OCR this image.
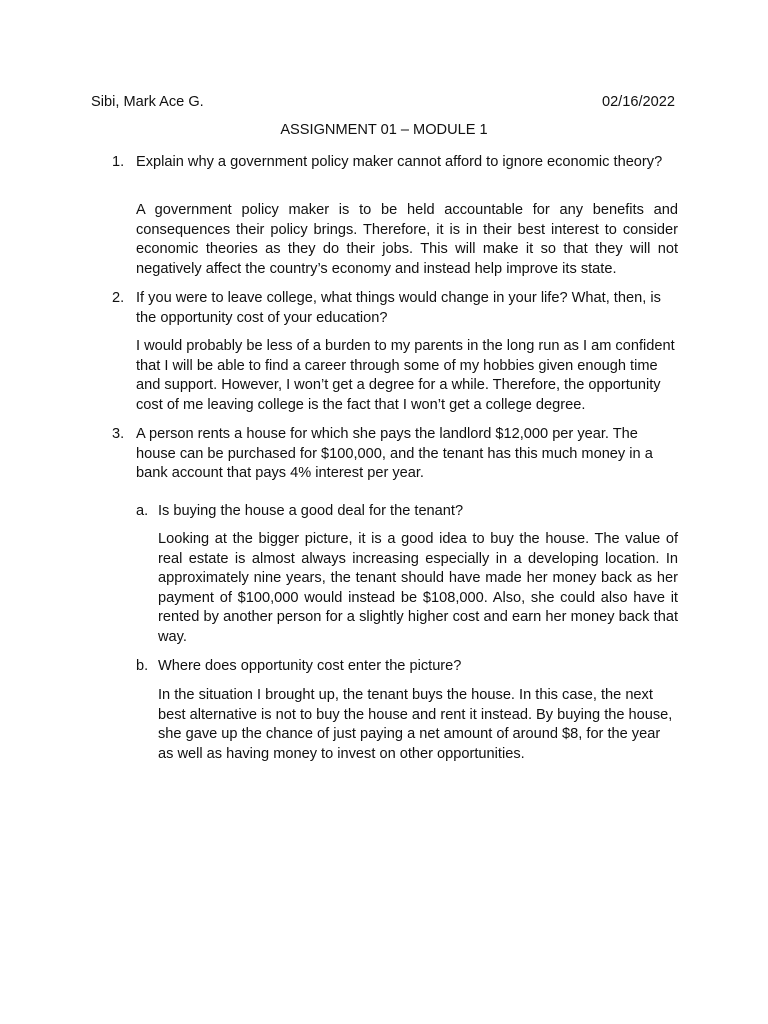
Sibi, Mark Ace G.	02/16/2022

ASSIGNMENT 01 – MODULE 1

1. Explain why a government policy maker cannot afford to ignore economic theory?

A government policy maker is to be held accountable for any benefits and consequences their policy brings. Therefore, it is in their best interest to consider economic theories as they do their jobs. This will make it so that they will not negatively affect the country’s economy and instead help improve its state.

2. If you were to leave college, what things would change in your life? What, then, is the opportunity cost of your education?

I would probably be less of a burden to my parents in the long run as I am confident that I will be able to find a career through some of my hobbies given enough time and support. However, I won’t get a degree for a while. Therefore, the opportunity cost of me leaving college is the fact that I won’t get a college degree.

3. A person rents a house for which she pays the landlord $12,000 per year. The house can be purchased for $100,000, and the tenant has this much money in a bank account that pays 4% interest per year.
a. Is buying the house a good deal for the tenant?

Looking at the bigger picture, it is a good idea to buy the house. The value of real estate is almost always increasing especially in a developing location. In approximately nine years, the tenant should have made her money back as her payment of $100,000 would instead be $108,000. Also, she could also have it rented by another person for a slightly higher cost and earn her money back that way.

b. Where does opportunity cost enter the picture?

In the situation I brought up, the tenant buys the house. In this case, the next best alternative is not to buy the house and rent it instead. By buying the house, she gave up the chance of just paying a net amount of around $8, for the year as well as having money to invest on other opportunities.
